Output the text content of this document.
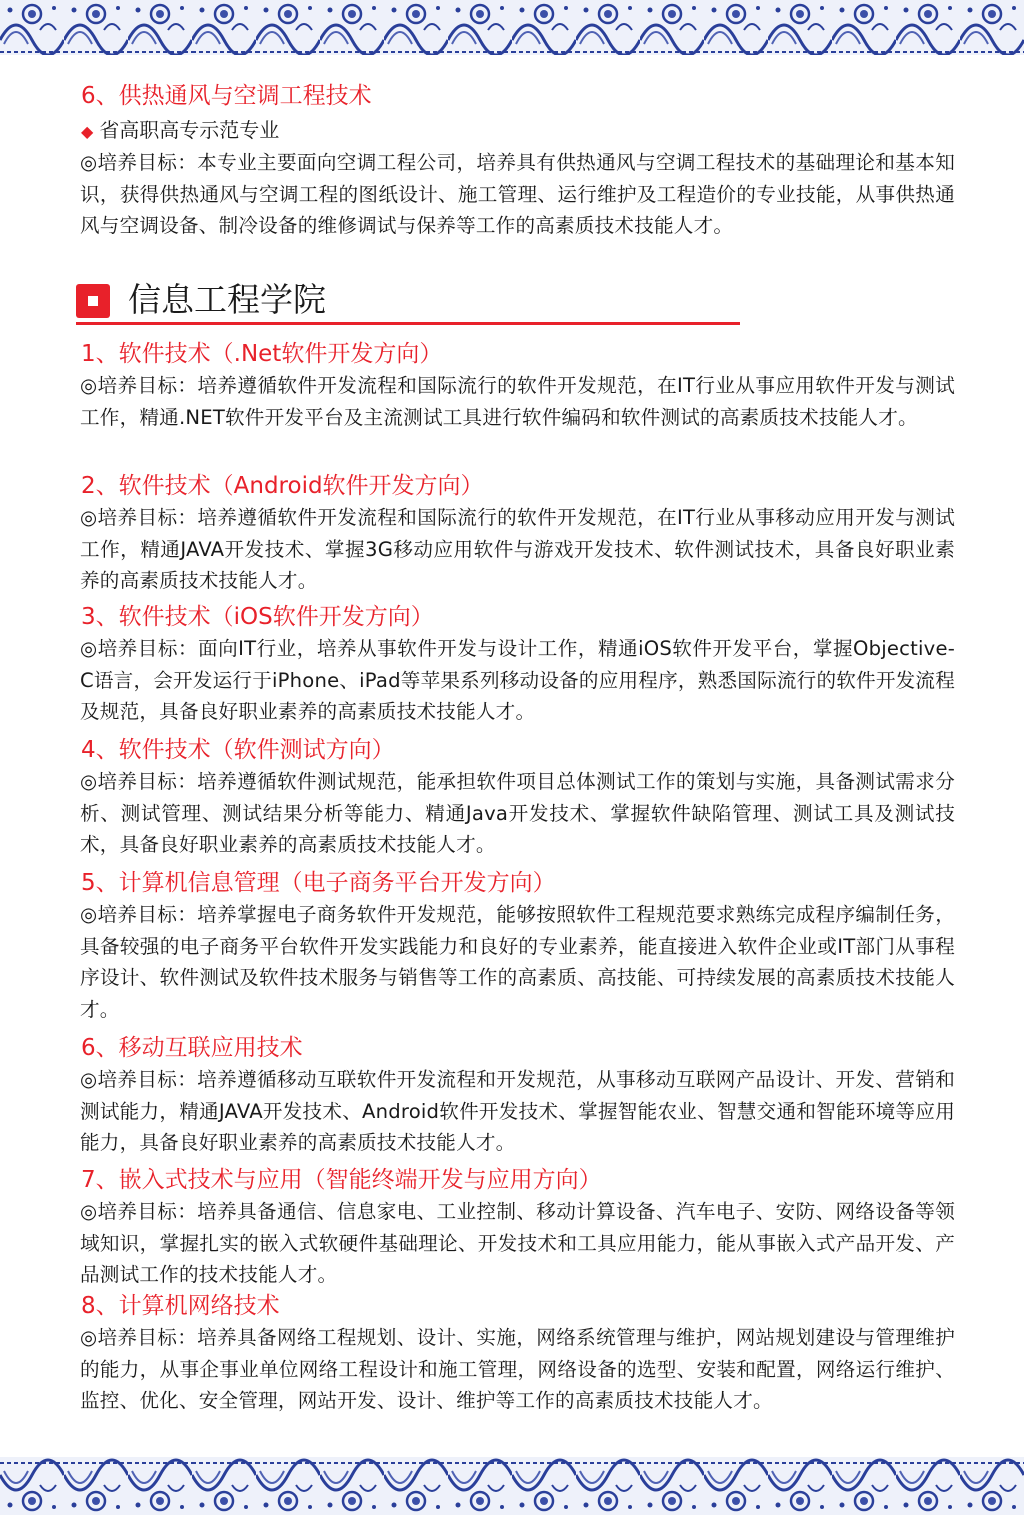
6、供热通风与空调工程技术
◆ 省高职高专示范专业

◎培养目标：本专业主要面向空调工程公司，培养具有供热通风与空调工程技术的基础理论和基本知识，获得供热通风与空调工程的图纸设计、施工管理、运行维护及工程造价的专业技能，从事供热通风与空调设备、制冷设备的维修调试与保养等工作的高素质技术技能人才。

信息工程学院
1、软件技术（.Net软件开发方向）

◎培养目标：培养遵循软件开发流程和国际流行的软件开发规范，在IT行业从事应用软件开发与测试工作，精通.NET软件开发平台及主流测试工具进行软件编码和软件测试的高素质技术技能人才。

2、软件技术（Android软件开发方向）

◎培养目标：培养遵循软件开发流程和国际流行的软件开发规范，在IT行业从事移动应用开发与测试工作，精通JAVA开发技术、掌握3G移动应用软件与游戏开发技术、软件测试技术，具备良好职业素养的高素质技术技能人才。

3、软件技术（iOS软件开发方向）

◎培养目标：面向IT行业，培养从事软件开发与设计工作，精通iOS软件开发平台，掌握Objective-C语言，会开发运行于iPhone、iPad等苹果系列移动设备的应用程序，熟悉国际流行的软件开发流程及规范，具备良好职业素养的高素质技术技能人才。

4、软件技术（软件测试方向）

◎培养目标：培养遵循软件测试规范，能承担软件项目总体测试工作的策划与实施，具备测试需求分析、测试管理、测试结果分析等能力、精通Java开发技术、掌握软件缺陷管理、测试工具及测试技术，具备良好职业素养的高素质技术技能人才。

5、计算机信息管理（电子商务平台开发方向）

◎培养目标：培养掌握电子商务软件开发规范，能够按照软件工程规范要求熟练完成程序编制任务，具备较强的电子商务平台软件开发实践能力和良好的专业素养，能直接进入软件企业或IT部门从事程序设计、软件测试及软件技术服务与销售等工作的高素质、高技能、可持续发展的高素质技术技能人才。

6、移动互联应用技术

◎培养目标：培养遵循移动互联软件开发流程和开发规范，从事移动互联网产品设计、开发、营销和测试能力，精通JAVA开发技术、Android软件开发技术、掌握智能农业、智慧交通和智能环境等应用能力，具备良好职业素养的高素质技术技能人才。

7、嵌入式技术与应用（智能终端开发与应用方向）

◎培养目标：培养具备通信、信息家电、工业控制、移动计算设备、汽车电子、安防、网络设备等领域知识，掌握扎实的嵌入式软硬件基础理论、开发技术和工具应用能力，能从事嵌入式产品开发、产品测试工作的技术技能人才。

8、计算机网络技术

◎培养目标：培养具备网络工程规划、设计、实施，网络系统管理与维护，网站规划建设与管理维护的能力，从事企事业单位网络工程设计和施工管理，网络设备的选型、安装和配置，网络运行维护、监控、优化、安全管理，网站开发、设计、维护等工作的高素质技术技能人才。
